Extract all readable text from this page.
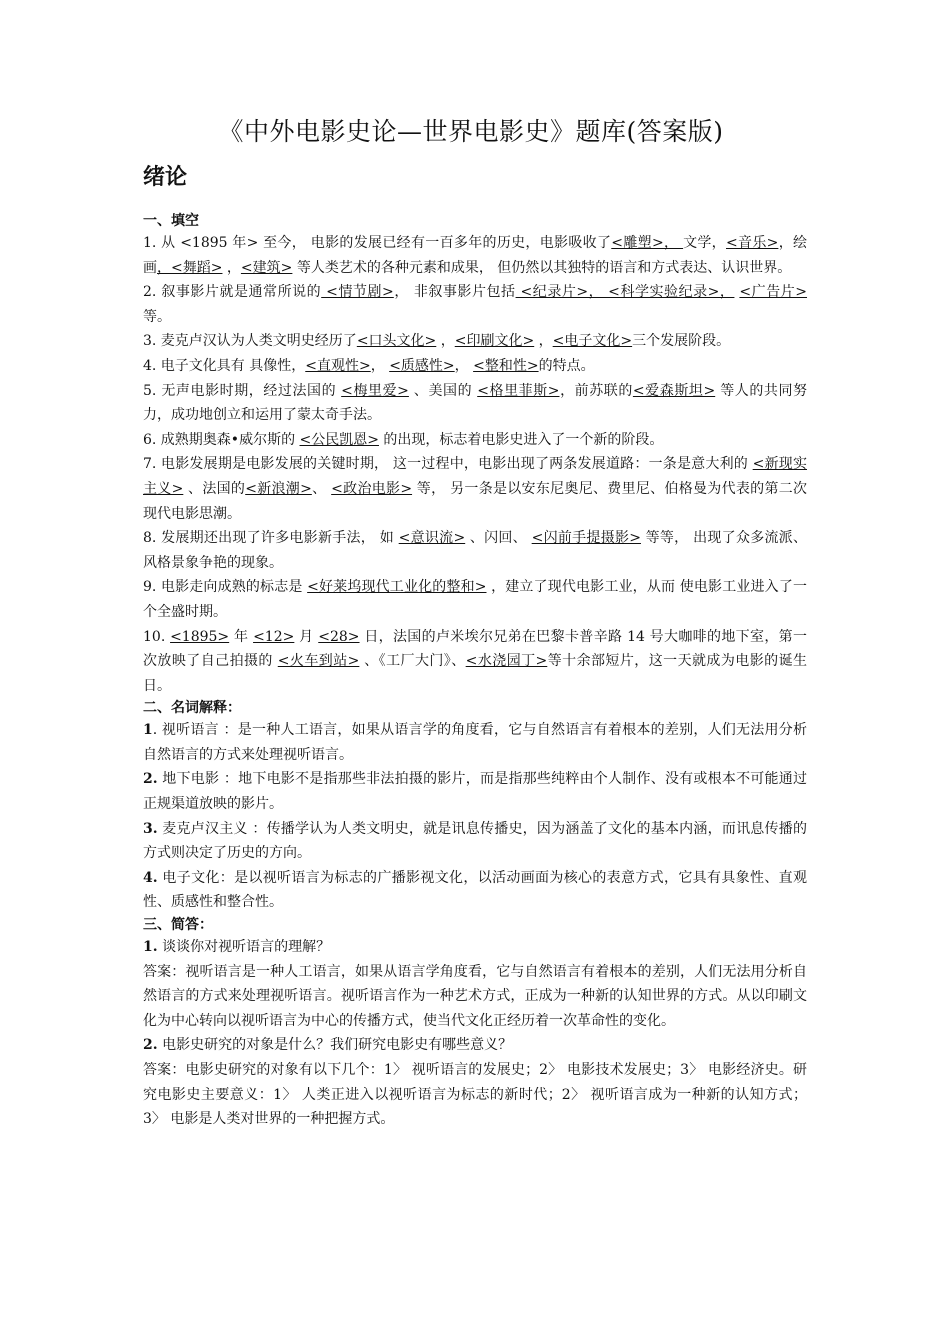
《中外电影史论—世界电影史》题库(答案版)
绪论
一、填空

1. 从 <1895 年> 至今， 电影的发展已经有一百多年的历史，电影吸收了<雕塑>， 文学，<音乐>，绘画，<舞蹈> ，<建筑> 等人类艺术的各种元素和成果， 但仍然以其独特的语言和方式表达、认识世界。

2. 叙事影片就是通常所说的 <情节剧>， 非叙事影片包括 <纪录片>， <科学实验纪录>， <广告片> 等。

3. 麦克卢汉认为人类文明史经历了<口头文化> ，<印刷文化> ，<电子文化>三个发展阶段。

4. 电子文化具有 具像性，<直观性>， <质感性>， <整和性>的特点。

5. 无声电影时期，经过法国的 <梅里爱> 、美国的 <格里菲斯>，前苏联的<爱森斯坦> 等人的共同努力，成功地创立和运用了蒙太奇手法。

6. 成熟期奥森•威尔斯的 <公民凯恩> 的出现，标志着电影史进入了一个新的阶段。

7. 电影发展期是电影发展的关键时期， 这一过程中，电影出现了两条发展道路：一条是意大利的 <新现实主义> 、法国的<新浪潮>、 <政治电影> 等， 另一条是以安东尼奥尼、费里尼、伯格曼为代表的第二次现代电影思潮。

8. 发展期还出现了许多电影新手法， 如 <意识流> 、闪回、 <闪前手提摄影> 等等， 出现了众多流派、风格景象争艳的现象。

9. 电影走向成熟的标志是 <好莱坞现代工业化的整和> ，建立了现代电影工业，从而 使电影工业进入了一个全盛时期。

10. <1895> 年 <12> 月 <28> 日，法国的卢米埃尔兄弟在巴黎卡普辛路 14 号大咖啡的地下室，第一次放映了自己拍摄的 <火车到站> 、《工厂大门》、<水浇园丁>等十余部短片，这一天就成为电影的诞生日。

二、名词解释：

1. 视听语言 ：是一种人工语言，如果从语言学的角度看，它与自然语言有着根本的差别，人们无法用分析自然语言的方式来处理视听语言。

2. 地下电影 ：地下电影不是指那些非法拍摄的影片，而是指那些纯粹由个人制作、没有或根本不可能通过正规渠道放映的影片。

3. 麦克卢汉主义 ：传播学认为人类文明史，就是讯息传播史，因为涵盖了文化的基本内涵，而讯息传播的方式则决定了历史的方向。

4. 电子文化：是以视听语言为标志的广播影视文化，以活动画面为核心的表意方式，它具有具象性、直观性、质感性和整合性。

三、简答：

1. 谈谈你对视听语言的理解？

答案：视听语言是一种人工语言，如果从语言学角度看，它与自然语言有着根本的差别，人们无法用分析自然语言的方式来处理视听语言。视听语言作为一种艺术方式，正成为一种新的认知世界的方式。从以印刷文化为中心转向以视听语言为中心的传播方式，使当代文化正经历着一次革命性的变化。

2. 电影史研究的对象是什么？我们研究电影史有哪些意义？

答案：电影史研究的对象有以下几个：1〉 视听语言的发展史；2〉 电影技术发展史；3〉 电影经济史。研究电影史主要意义：1〉 人类正进入以视听语言为标志的新时代；2〉 视听语言成为一种新的认知方式；3〉 电影是人类对世界的一种把握方式。
